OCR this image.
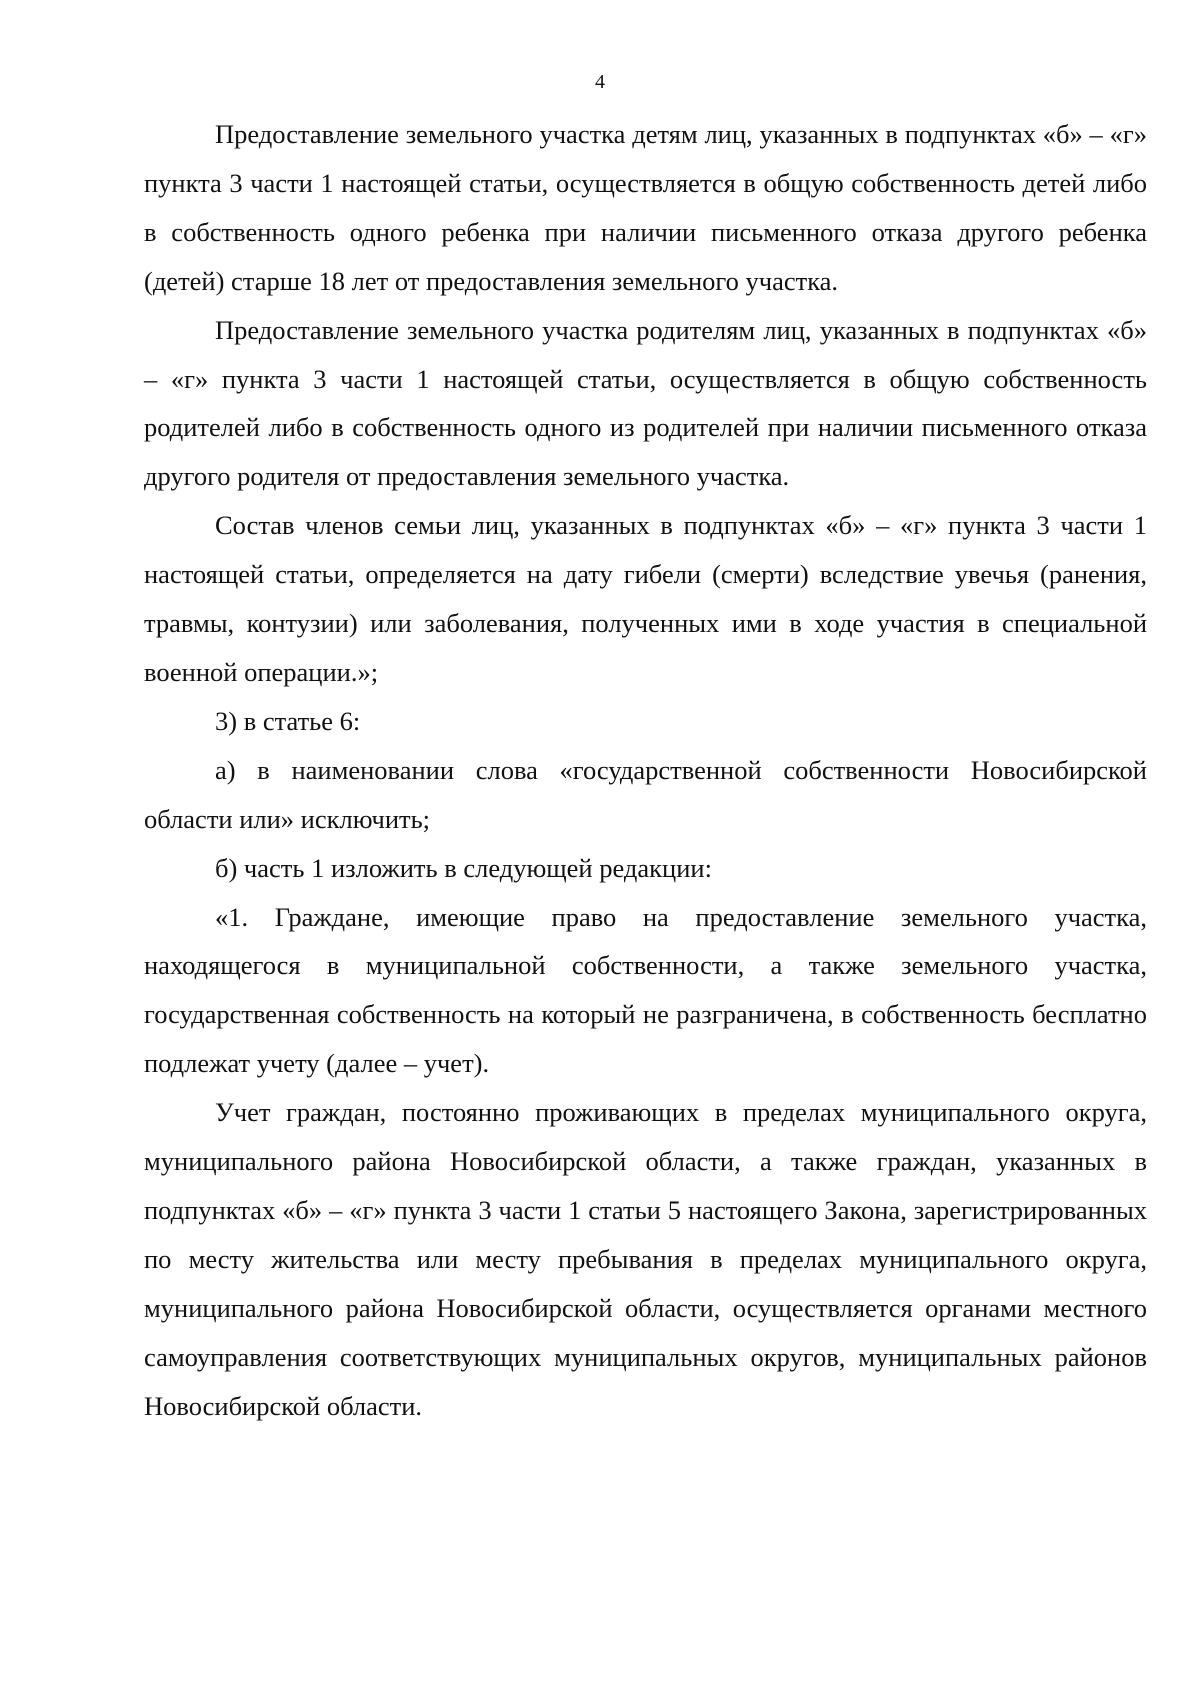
4

Предоставление земельного участка детям лиц, указанных в подпунктах «б» – «г» пункта 3 части 1 настоящей статьи, осуществляется в общую собственность детей либо в собственность одного ребенка при наличии письменного отказа другого ребенка (детей) старше 18 лет от предоставления земельного участка.

Предоставление земельного участка родителям лиц, указанных в подпунктах «б» – «г» пункта 3 части 1 настоящей статьи, осуществляется в общую собственность родителей либо в собственность одного из родителей при наличии письменного отказа другого родителя от предоставления земельного участка.

Состав членов семьи лиц, указанных в подпунктах «б» – «г» пункта 3 части 1 настоящей статьи, определяется на дату гибели (смерти) вследствие увечья (ранения, травмы, контузии) или заболевания, полученных ими в ходе участия в специальной военной операции.»;

3) в статье 6:

а) в наименовании слова «государственной собственности Новосибирской области или» исключить;

б) часть 1 изложить в следующей редакции:

«1. Граждане, имеющие право на предоставление земельного участка, находящегося в муниципальной собственности, а также земельного участка, государственная собственность на который не разграничена, в собственность бесплатно подлежат учету (далее – учет).

Учет граждан, постоянно проживающих в пределах муниципального округа, муниципального района Новосибирской области, а также граждан, указанных в подпунктах «б» – «г» пункта 3 части 1 статьи 5 настоящего Закона, зарегистрированных по месту жительства или месту пребывания в пределах муниципального округа, муниципального района Новосибирской области, осуществляется органами местного самоуправления соответствующих муниципальных округов, муниципальных районов Новосибирской области.
